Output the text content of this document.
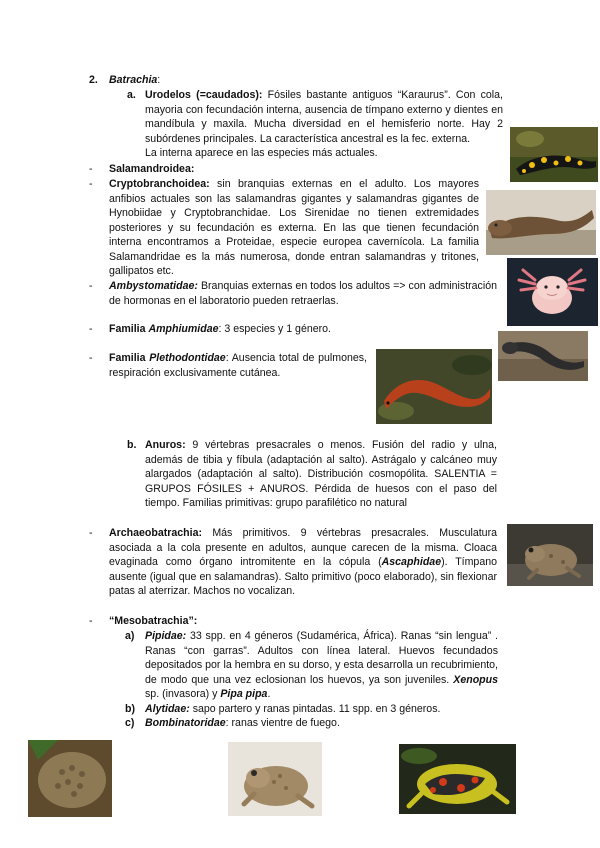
2. Batrachia:
a. Urodelos (=caudados): Fósiles bastante antiguos “Karaurus”. Con cola, mayoria con fecundación interna, ausencia de tímpano externo y dientes en mandíbula y maxila. Mucha diversidad en el hemisferio norte. Hay 2 subórdenes principales. La característica ancestral es la fec. externa.

La interna aparece en las especies más actuales.
- Salamandroidea:
- Cryptobranchoidea: sin branquias externas en el adulto. Los mayores anfibios actuales son las salamandras gigantes y salamandras gigantes de Hynobiidae y Cryptobranchidae. Los Sirenidae no tienen extremidades posteriores y su fecundación es externa. En las que tienen fecundación interna encontramos a Proteidae, especie europea cavernícola. La familia Salamandridae es la más numerosa, donde entran salamandras y tritones, gallipatos etc.

- Ambystomatidae: Branquias externas en todos los adultos => con administración de hormonas en el laboratorio pueden retraerlas.

- Familia Amphiumidae: 3 especies y 1 género.
- Familia Plethodontidae: Ausencia total de pulmones, respiración exclusivamente cutánea.

b. Anuros: 9 vértebras presacrales o menos. Fusión del radio y ulna, además de tibia y fíbula (adaptación al salto). Astrágalo y calcáneo muy alargados (adaptación al salto). Distribución cosmopólita. SALENTIA = GRUPOS FÓSILES + ANUROS. Pérdida de huesos con el paso del tiempo. Familias primitivas: grupo parafilético no natural

- Archaeobatrachia: Más primitivos. 9 vértebras presacrales. Musculatura asociada a la cola presente en adultos, aunque carecen de la misma. Cloaca evaginada como órgano intromitente en la cópula (Ascaphidae). Tímpano ausente (igual que en salamandras). Salto primitivo (poco elaborado), sin flexionar patas al aterrizar. Machos no vocalizan.

- “Mesobatrachia”:
a) Pipidae: 33 spp. en 4 géneros (Sudamérica, África). Ranas “sin lengua” . Ranas “con garras”. Adultos con línea lateral. Huevos fecundados depositados por la hembra en su dorso, y esta desarrolla un recubrimiento, de modo que una vez eclosionan los huevos, ya son juveniles. Xenopus sp. (invasora) y Pipa pipa.

b) Alytidae: sapo partero y ranas pintadas. 11 spp. en 3 géneros.
c) Bombinatoridae: ranas vientre de fuego.
